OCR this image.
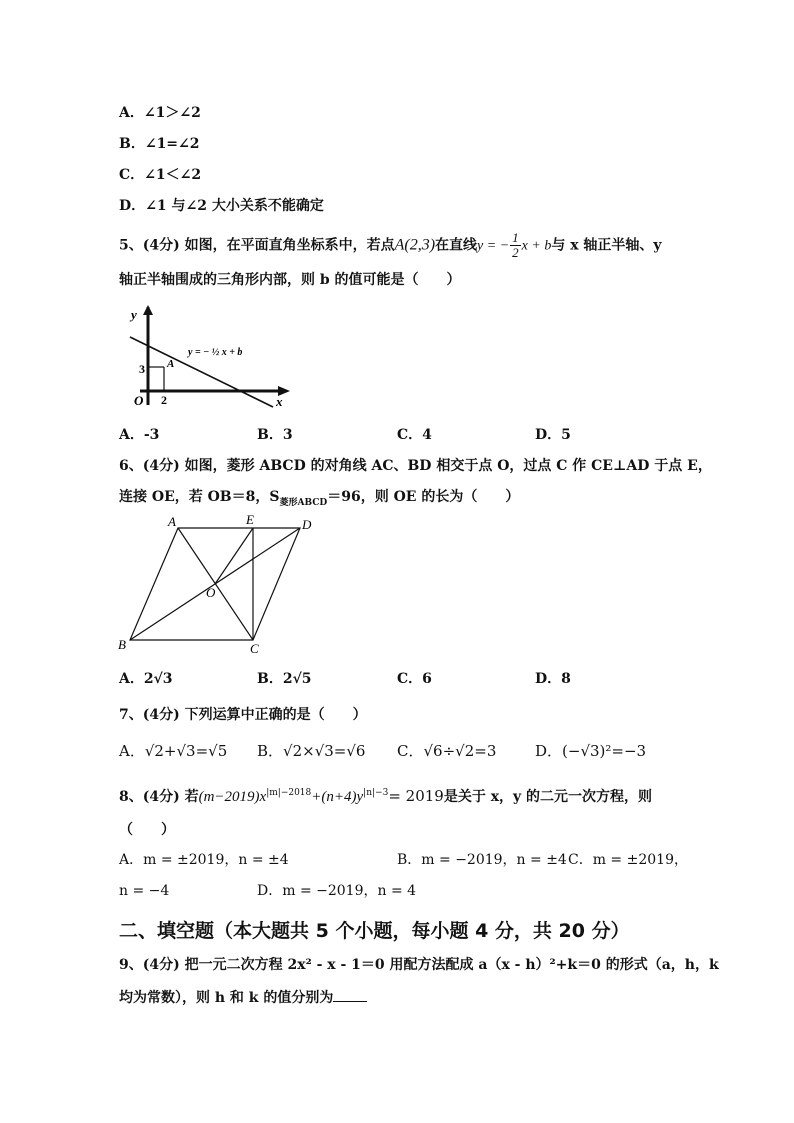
A．∠1＞∠2
B．∠1=∠2
C．∠1＜∠2
D．∠1 与∠2 大小关系不能确定
5、(4分) 如图，在平面直角坐标系中，若点A(2,3)在直线y = − $\frac{1}{2}$ x + b与 x 轴正半轴、y
轴正半轴围成的三角形内部，则 b 的值可能是（　　）
y
x
O
3
2
A
y = − ½ x + b
A．-3	B．3	C．4	D．5
6、(4分) 如图，菱形 ABCD 的对角线 AC、BD 相交于点 O，过点 C 作 CE⊥AD 于点 E，
连接 OE，若 OB＝8，$S_{菱形ABCD}=96$，则 OE 的长为（　　）
A	E	D
O
B	C
A．2√3	B．2√5	C．6	D．8
7、(4分) 下列运算中正确的是（　　）
A．√2+√3=√5 B．√2×√3=√6 C．√6÷√2=3	D．(−√3)²=−3
8、(4分) 若$(m-2019)x^{|m|-2018}+(n+4)y^{|n|-3}= 2019$是关于 x，y 的二元一次方程，则
（　　）
A．m = ±2019，n = ±4	B．m = −2019，n = ±4 C．m = ±2019，
n = −4	D．m = −2019，n = 4
二、填空题（本大题共 5 个小题，每小题 4 分，共 20 分）
9、(4分) 把一元二次方程 2x² - x - 1＝0 用配方法配成 a（x - h）²+k＝0 的形式（a，h，k
均为常数），则 h 和 k 的值分别为
